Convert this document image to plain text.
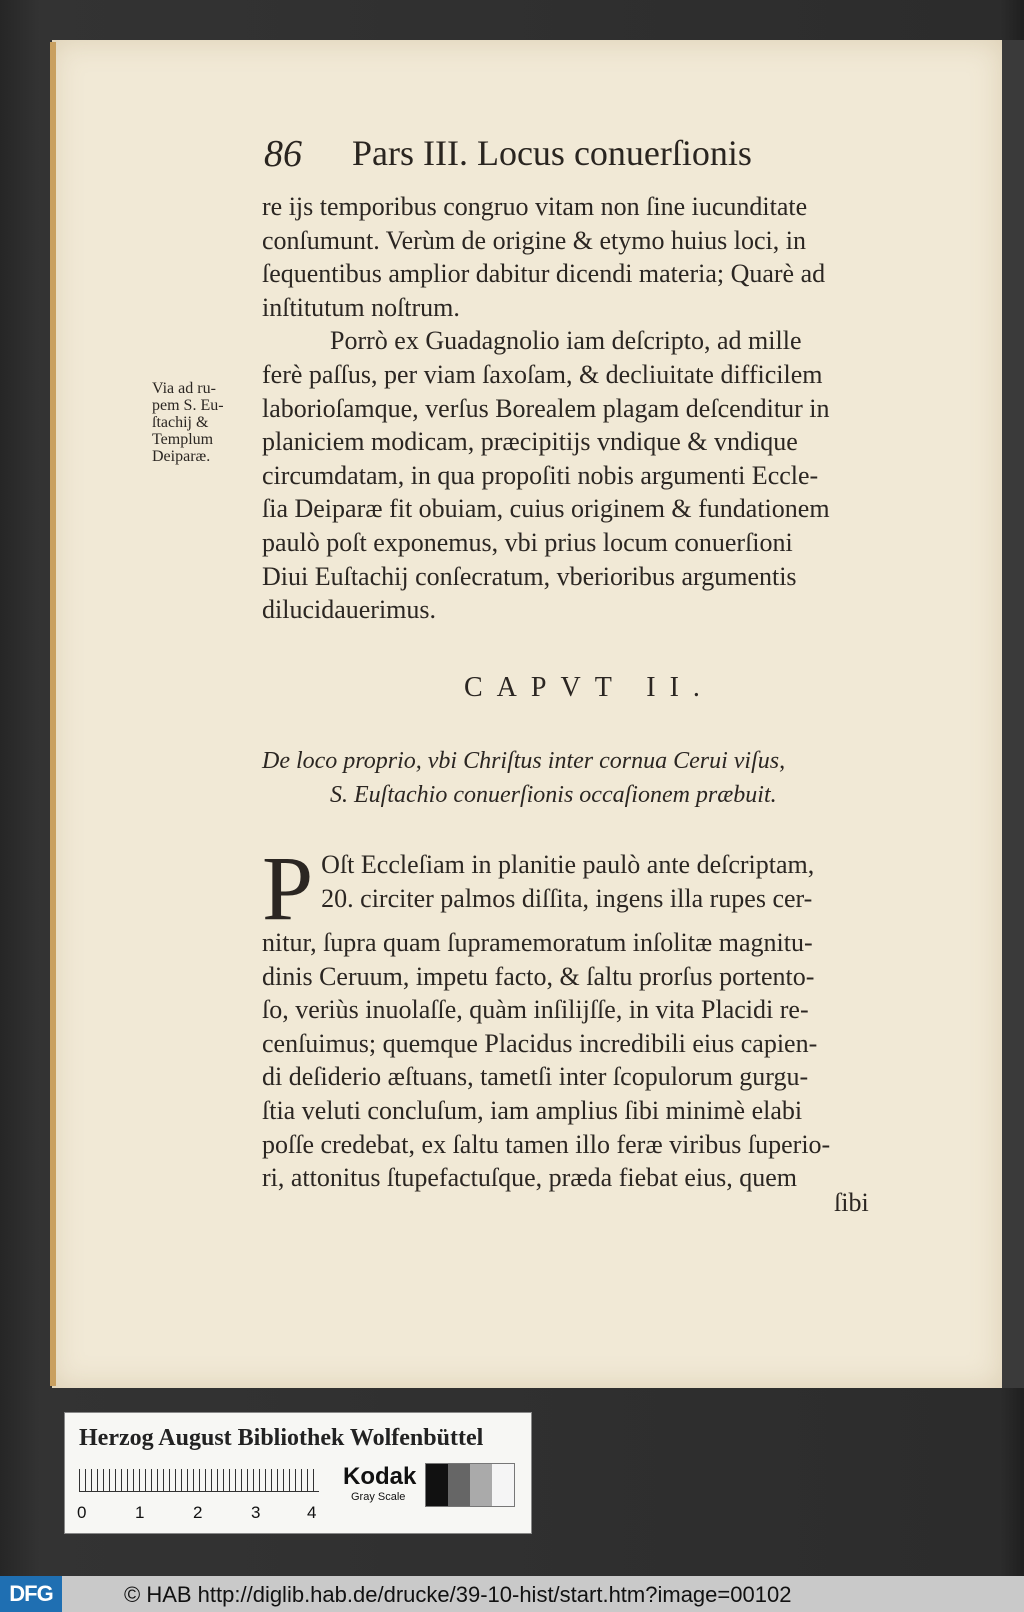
86 Pars III. Locus conuerſionis
re ijs temporibus congruo vitam non ſine iucunditate
conſumunt. Verùm de origine & etymo huius loci, in
ſequentibus amplior dabitur dicendi materia; Quarè ad
inſtitutum noſtrum.
Porrò ex Guadagnolio iam deſcripto, ad mille
ferè paſſus, per viam ſaxoſam, & decliuitate difficilem
laborioſamque, verſus Borealem plagam deſcenditur in
planiciem modicam, præcipitijs vndique & vndique
circumdatam, in qua propoſiti nobis argumenti Eccle-
ſia Deiparæ fit obuiam, cuius originem & fundationem
paulò poſt exponemus, vbi prius locum conuerſioni
Diui Euſtachij conſecratum, vberioribus argumentis
dilucidauerimus.
Via ad ru-
pem S. Eu-
ſtachij &
Templum
Deiparæ.
CAPVT II.
De loco proprio, vbi Chriſtus inter cornua Cerui viſus,
S. Euſtachio conuerſionis occaſionem præbuit.
P Oſt Eccleſiam in planitie paulò ante deſcriptam,
20. circiter palmos diſſita, ingens illa rupes cer-
nitur, ſupra quam ſupramemoratum inſolitæ magnitu-
dinis Ceruum, impetu facto, & ſaltu prorſus portento-
ſo, veriùs inuolaſſe, quàm inſilijſſe, in vita Placidi re-
cenſuimus; quemque Placidus incredibili eius capien-
di deſiderio æſtuans, tametſi inter ſcopulorum gurgu-
ſtia veluti concluſum, iam amplius ſibi minimè elabi
poſſe credebat, ex ſaltu tamen illo feræ viribus ſuperio-
ri, attonitus ſtupefactuſque, præda fiebat eius, quem
ſibi
Herzog August Bibliothek Wolfenbüttel
0	1	2	3	4
Kodak
Gray Scale
DFG	© HAB http://diglib.hab.de/drucke/39-10-hist/start.htm?image=00102
